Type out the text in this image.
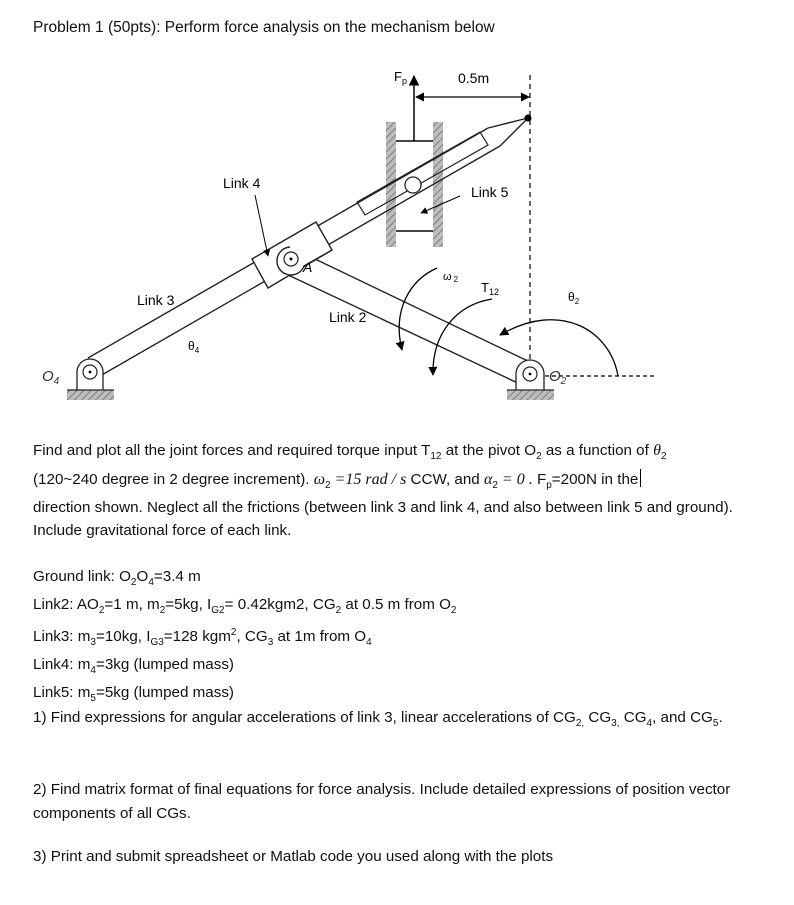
Problem 1 (50pts): Perform force analysis on the mechanism below
$F_p$	0.5m
A
Link 4
Link 5
Link 3
$\theta_4$
Link 2
ω 2
$T_{12}$	$\theta_2$
$O_4$	$O_2$
Find and plot all the joint forces and required torque input $T_{12}$ at the pivot $O_2$ as a function of $\theta_2$
(120~240 degree in 2 degree increment). $\omega_2 =15$ rad / s CCW, and $\alpha_2 = 0$ . $F_p=200N$ in the
direction shown. Neglect all the frictions (between link 3 and link 4, and also between link 5 and ground). Include gravitational force of each link.
Ground link: $O_2O_4=3.4$ m
Link2: $AO_2=1$ m, $m_2=5kg$, $I_{G2}= 0.42kgm2$, $CG_2$ at 0.5 m from $O_2$
Link3: $m_3=10kg$, $I_{G3}=128$ kgm$^2$, $CG_3$ at 1m from $O_4$
Link4: $m_4=3kg$ (lumped mass)
Link5: $m_5=5kg$ (lumped mass)
1) Find expressions for angular accelerations of link 3, linear accelerations of $CG_{2,}$ $CG_{3,}$ $CG_4$, and $CG_5$.
2) Find matrix format of final equations for force analysis. Include detailed expressions of position vector components of all CGs.
3) Print and submit spreadsheet or Matlab code you used along with the plots
